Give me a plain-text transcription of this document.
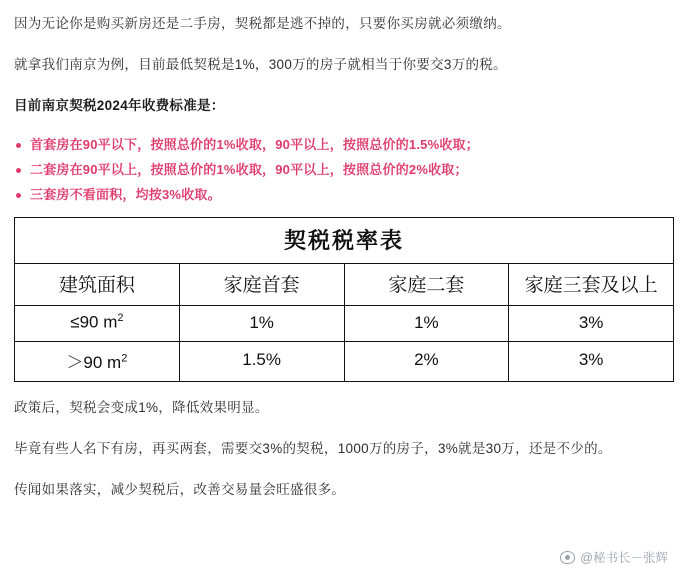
因为无论你是购买新房还是二手房，契税都是逃不掉的，只要你买房就必须缴纳。

就拿我们南京为例，目前最低契税是1%，300万的房子就相当于你要交3万的税。

目前南京契税2024年收费标准是：

首套房在90平以下，按照总价的1%收取，90平以上，按照总价的1.5%收取；
二套房在90平以上，按照总价的1%收取，90平以上，按照总价的2%收取；
三套房不看面积，均按3%收取。
契税税率表			
建筑面积	家庭首套	家庭二套	家庭三套及以上
≤90 $m^2$	1%	1%	3%
＞90 $m^2$	1.5%	2%	3%

政策后，契税会变成1%，降低效果明显。

毕竟有些人名下有房，再买两套，需要交3%的契税，1000万的房子，3%就是30万，还是不少的。

传闻如果落实，减少契税后，改善交易量会旺盛很多。

@秘书长－张辉
